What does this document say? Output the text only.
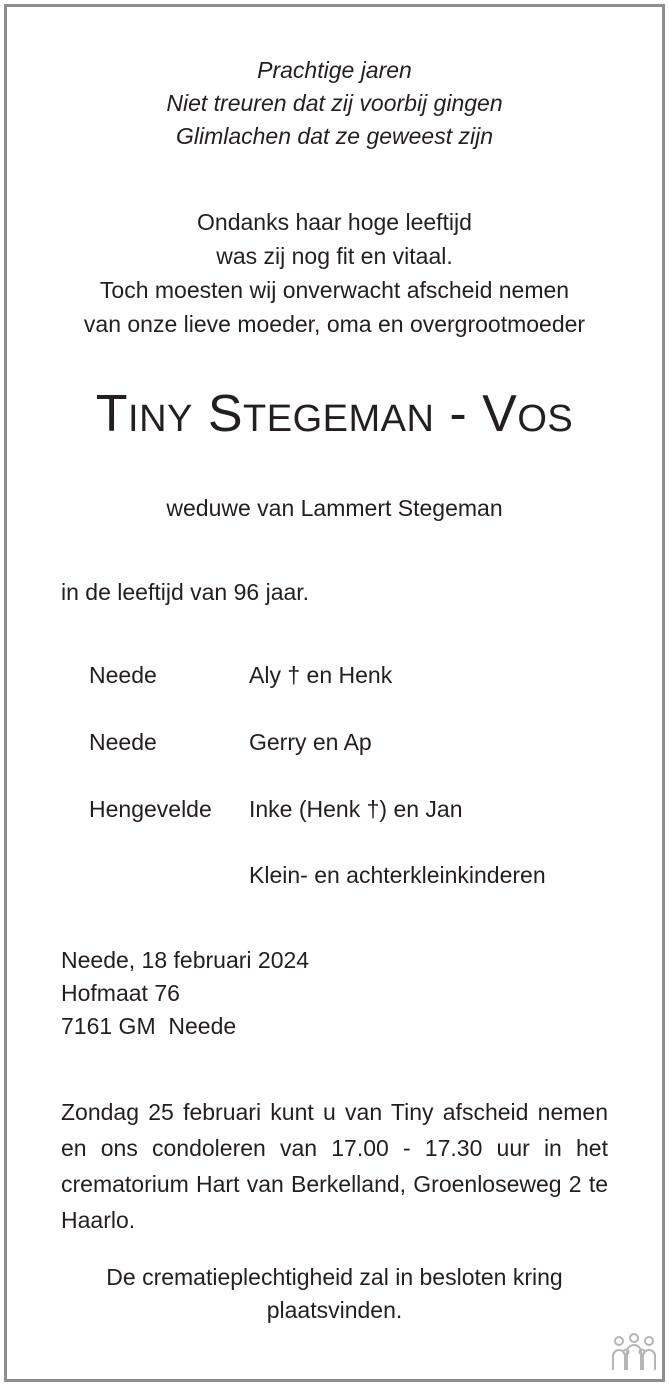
Prachtige jaren
Niet treuren dat zij voorbij gingen
Glimlachen dat ze geweest zijn
Ondanks haar hoge leeftijd
was zij nog fit en vitaal.
Toch moesten wij onverwacht afscheid nemen
van onze lieve moeder, oma en overgrootmoeder
TINY STEGEMAN - VOS
weduwe van Lammert Stegeman
in de leeftijd van 96 jaar.
Neede	Aly † en Henk
Neede	Gerry en Ap
Hengevelde Inke (Henk †) en Jan
Klein- en achterkleinkinderen
Neede, 18 februari 2024
Hofmaat 76
7161 GM  Neede
Zondag 25 februari kunt u van Tiny afscheid nemen en ons condoleren van 17.00 - 17.30 uur in het crematorium Hart van Berkelland, Groenloseweg 2 te Haarlo.
De crematieplechtigheid zal in besloten kring
plaatsvinden.
